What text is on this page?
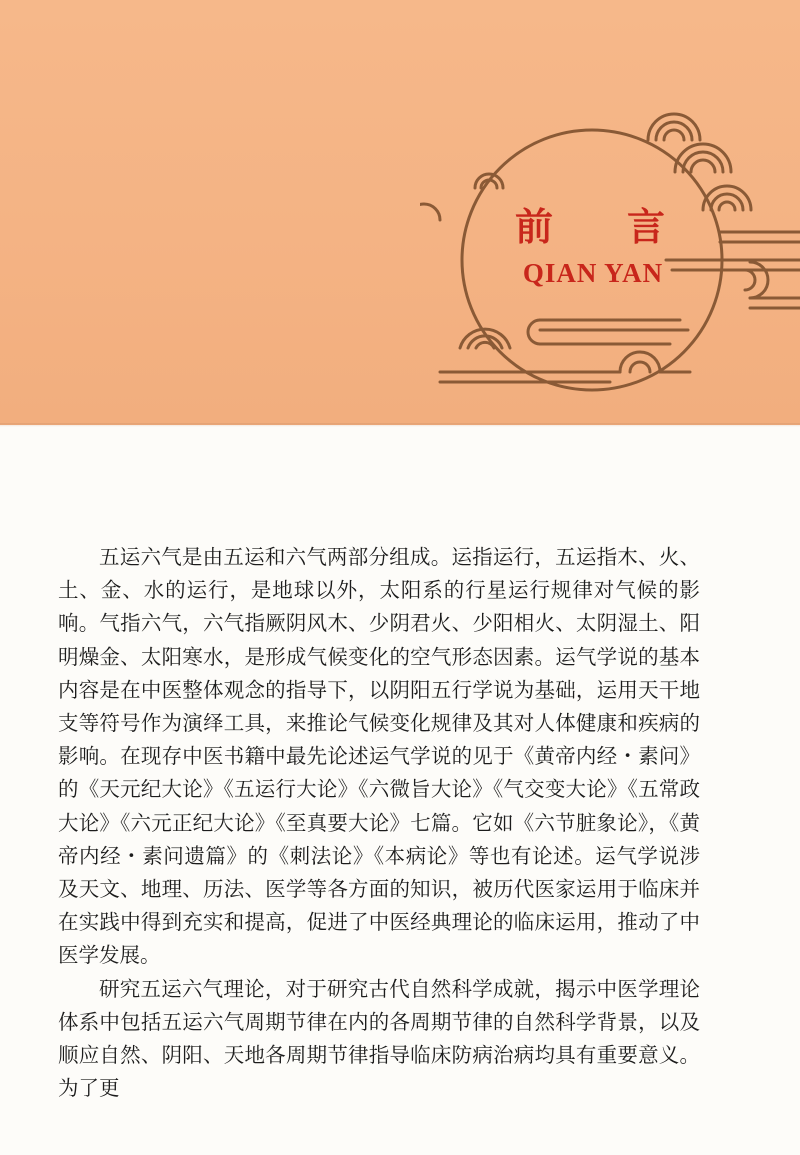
前 言
QIAN YAN

五运六气是由五运和六气两部分组成。运指运行，五运指木、火、土、金、水的运行，是地球以外，太阳系的行星运行规律对气候的影响。气指六气，六气指厥阴风木、少阴君火、少阳相火、太阴湿土、阳明燥金、太阳寒水，是形成气候变化的空气形态因素。运气学说的基本内容是在中医整体观念的指导下，以阴阳五行学说为基础，运用天干地支等符号作为演绎工具，来推论气候变化规律及其对人体健康和疾病的影响。在现存中医书籍中最先论述运气学说的见于《黄帝内经・素问》的《天元纪大论》《五运行大论》《六微旨大论》《气交变大论》《五常政大论》《六元正纪大论》《至真要大论》七篇。它如《六节脏象论》，《黄帝内经・素问遗篇》的《刺法论》《本病论》等也有论述。运气学说涉及天文、地理、历法、医学等各方面的知识，被历代医家运用于临床并在实践中得到充实和提高，促进了中医经典理论的临床运用，推动了中医学发展。

研究五运六气理论，对于研究古代自然科学成就，揭示中医学理论体系中包括五运六气周期节律在内的各周期节律的自然科学背景，以及顺应自然、阴阳、天地各周期节律指导临床防病治病均具有重要意义。为了更
